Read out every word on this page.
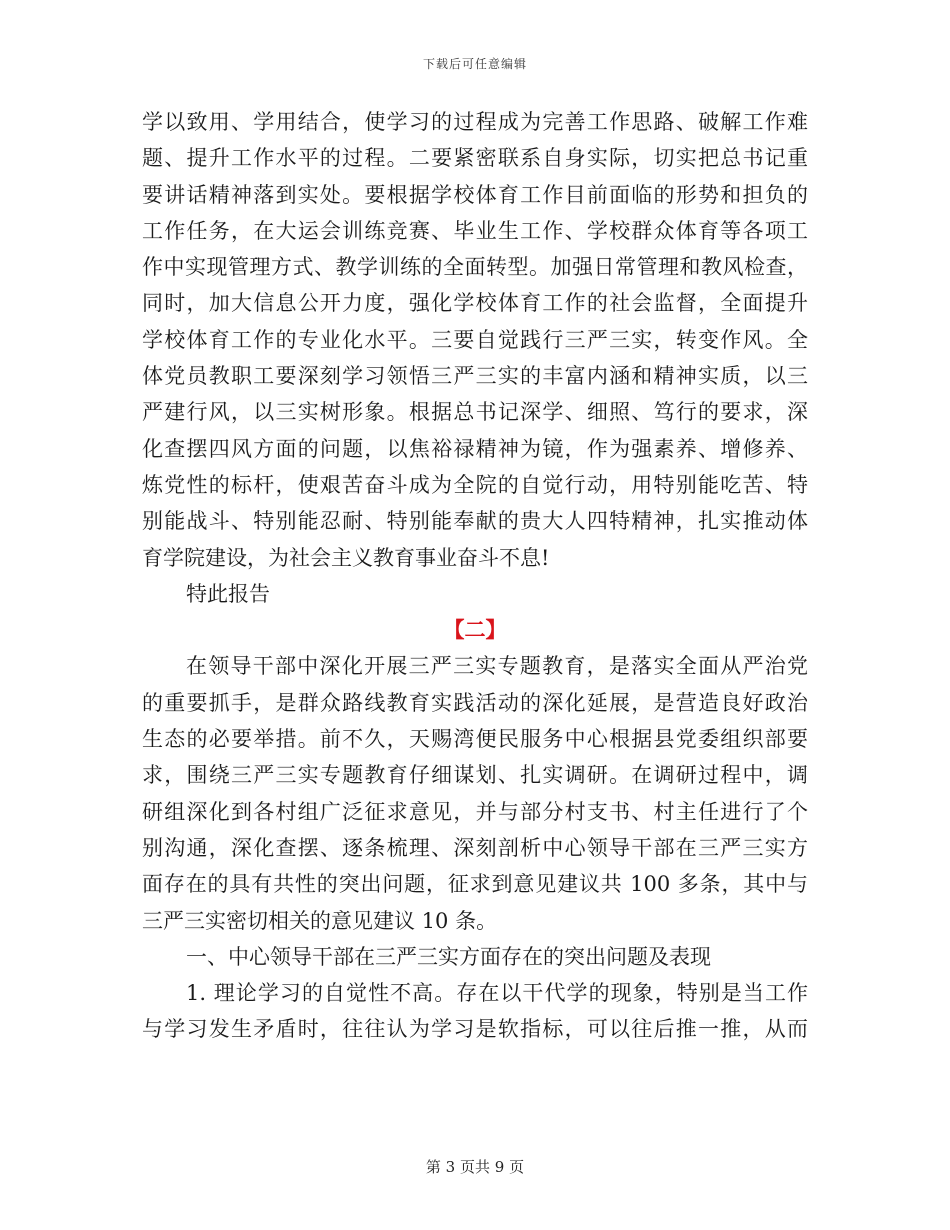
下载后可任意编辑
学以致用、学用结合，使学习的过程成为完善工作思路、破解工作难
题、提升工作水平的过程。二要紧密联系自身实际，切实把总书记重
要讲话精神落到实处。要根据学校体育工作目前面临的形势和担负的
工作任务，在大运会训练竞赛、毕业生工作、学校群众体育等各项工
作中实现管理方式、教学训练的全面转型。加强日常管理和教风检查，
同时，加大信息公开力度，强化学校体育工作的社会监督，全面提升
学校体育工作的专业化水平。三要自觉践行三严三实，转变作风。全
体党员教职工要深刻学习领悟三严三实的丰富内涵和精神实质，以三
严建行风，以三实树形象。根据总书记深学、细照、笃行的要求，深
化查摆四风方面的问题，以焦裕禄精神为镜，作为强素养、增修养、
炼党性的标杆，使艰苦奋斗成为全院的自觉行动，用特别能吃苦、特
别能战斗、特别能忍耐、特别能奉献的贵大人四特精神，扎实推动体
育学院建设，为社会主义教育事业奋斗不息!
特此报告
【二】
在领导干部中深化开展三严三实专题教育，是落实全面从严治党
的重要抓手，是群众路线教育实践活动的深化延展，是营造良好政治
生态的必要举措。前不久，天赐湾便民服务中心根据县党委组织部要
求，围绕三严三实专题教育仔细谋划、扎实调研。在调研过程中，调
研组深化到各村组广泛征求意见，并与部分村支书、村主任进行了个
别沟通，深化查摆、逐条梳理、深刻剖析中心领导干部在三严三实方
面存在的具有共性的突出问题，征求到意见建议共 100 多条，其中与
三严三实密切相关的意见建议 10 条。
一、中心领导干部在三严三实方面存在的突出问题及表现
1. 理论学习的自觉性不高。存在以干代学的现象，特别是当工作
与学习发生矛盾时，往往认为学习是软指标，可以往后推一推，从而
第 3 页共 9 页
